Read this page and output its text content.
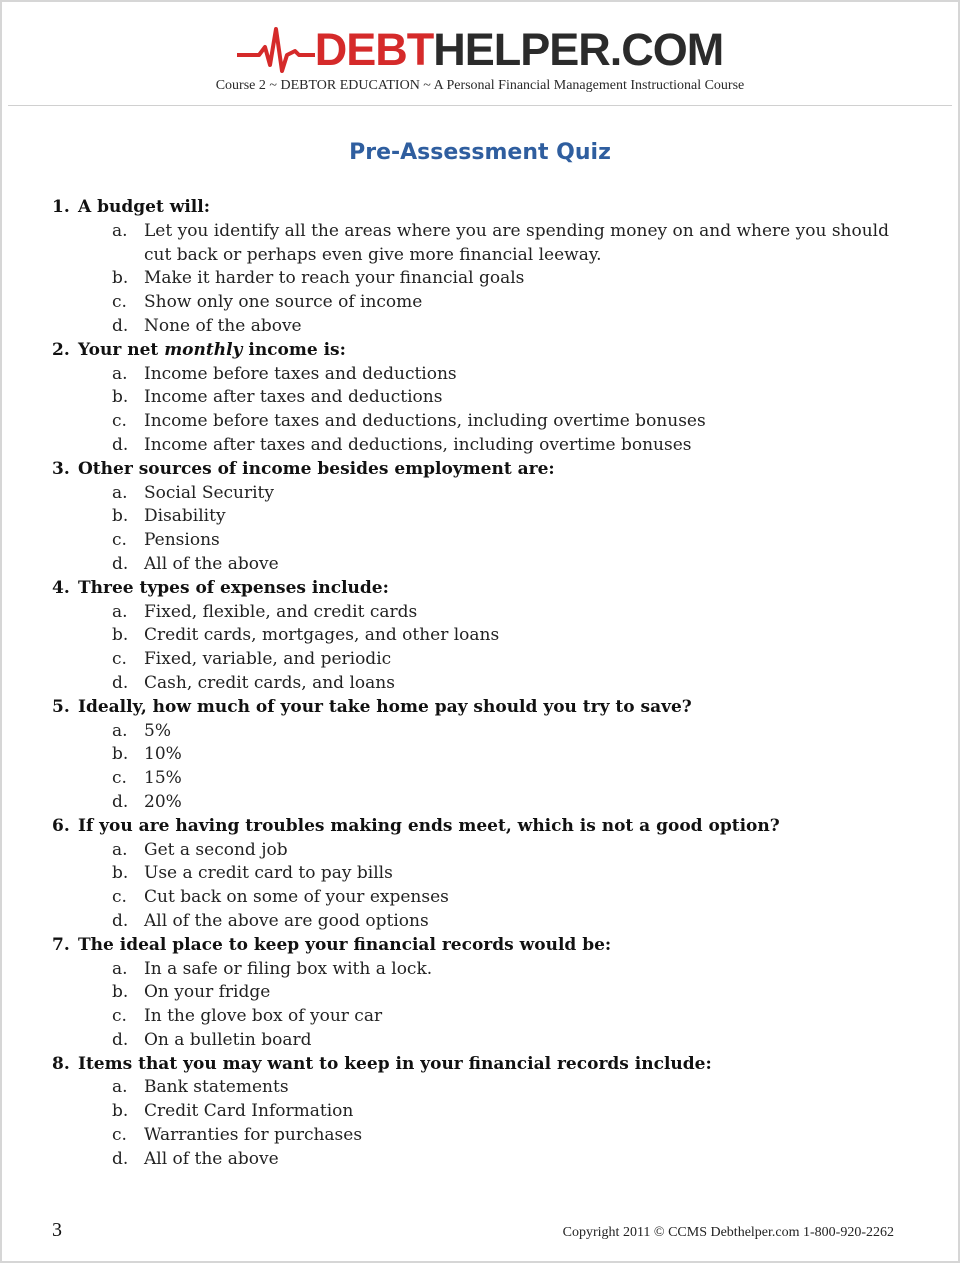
DEBTHELPER.COM
Course 2 ~ DEBTOR EDUCATION ~ A Personal Financial Management Instructional Course
Pre-Assessment Quiz
1. A budget will:
a. Let you identify all the areas where you are spending money on and where you should cut back or perhaps even give more financial leeway.
b. Make it harder to reach your financial goals
c.	Show only one source of income
d. None of the above
2. Your net monthly income is:
a. Income before taxes and deductions
b. Income after taxes and deductions
c.	Income before taxes and deductions, including overtime bonuses
d. Income after taxes and deductions, including overtime bonuses
3. Other sources of income besides employment are:
a. Social Security
b. Disability
c.	Pensions
d. All of the above
4. Three types of expenses include:
a. Fixed, flexible, and credit cards
b. Credit cards, mortgages, and other loans
c.	Fixed, variable, and periodic
d. Cash, credit cards, and loans
5. Ideally, how much of your take home pay should you try to save?
a. 5%
b. 10%
c.	15%
d. 20%
6. If you are having troubles making ends meet, which is not a good option?
a. Get a second job
b. Use a credit card to pay bills
c.	Cut back on some of your expenses
d. All of the above are good options
7. The ideal place to keep your financial records would be:
a. In a safe or filing box with a lock.
b. On your fridge
c.	In the glove box of your car
d. On a bulletin board
8. Items that you may want to keep in your financial records include:
a. Bank statements
b. Credit Card Information
c.	Warranties for purchases
d. All of the above
3	Copyright 2011 © CCMS Debthelper.com 1-800-920-2262
